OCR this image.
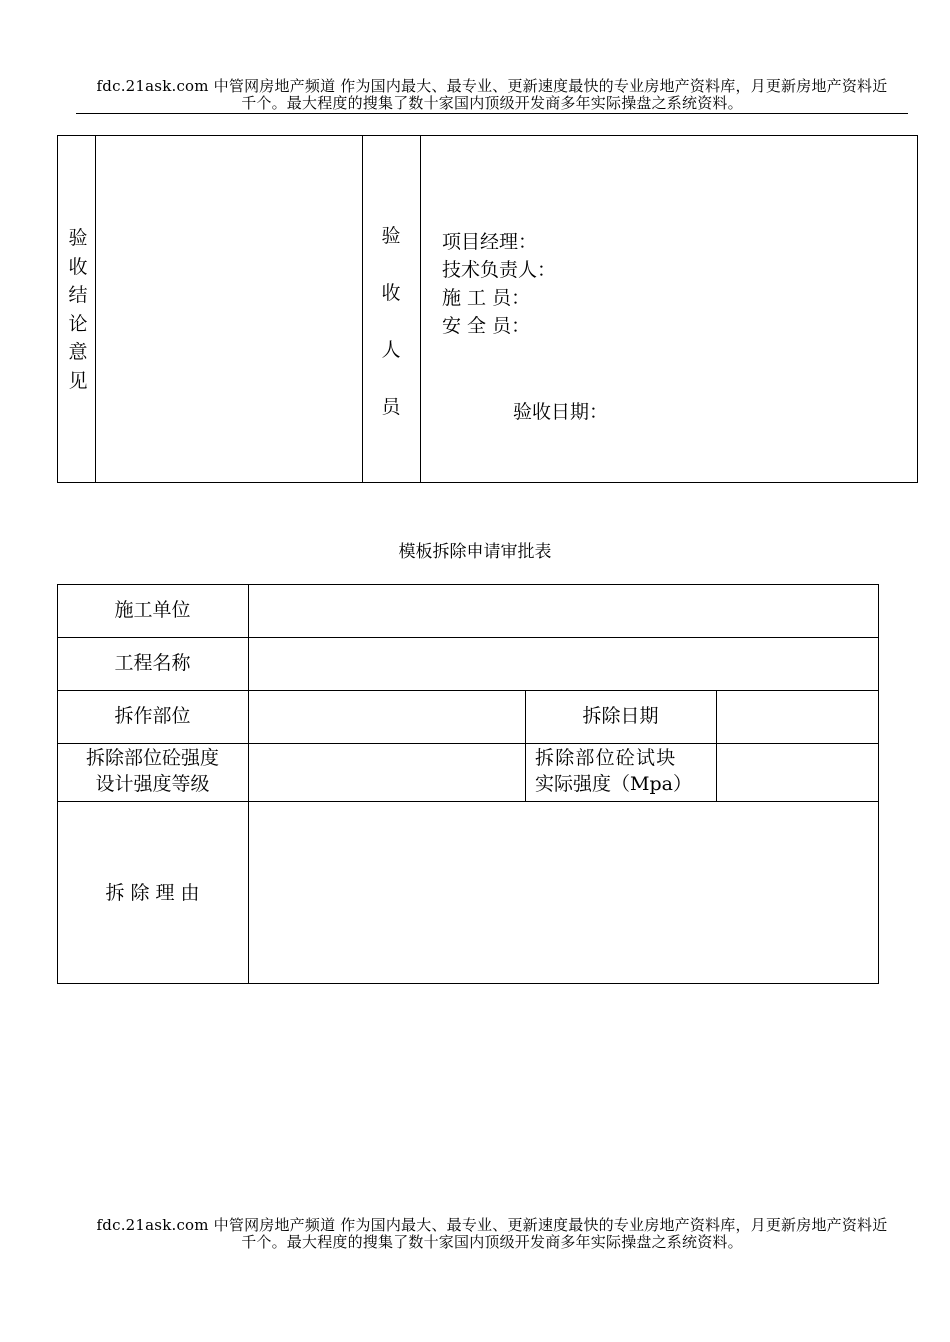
fdc.21ask.com 中管网房地产频道 作为国内最大、最专业、更新速度最快的专业房地产资料库，月更新房地产资料近
千个。最大程度的搜集了数十家国内顶级开发商多年实际操盘之系统资料。
验
收
结
论
意
见
验
收
人
员
项目经理：
技术负责人：
施 工 员：
安 全 员：
验收日期：
模板拆除申请审批表
施工单位
工程名称
拆作部位	拆除日期
拆除部位砼强度
设计强度等级
拆除部位砼试块
实际强度（Mpa）
拆 除 理 由
fdc.21ask.com 中管网房地产频道 作为国内最大、最专业、更新速度最快的专业房地产资料库，月更新房地产资料近
千个。最大程度的搜集了数十家国内顶级开发商多年实际操盘之系统资料。
